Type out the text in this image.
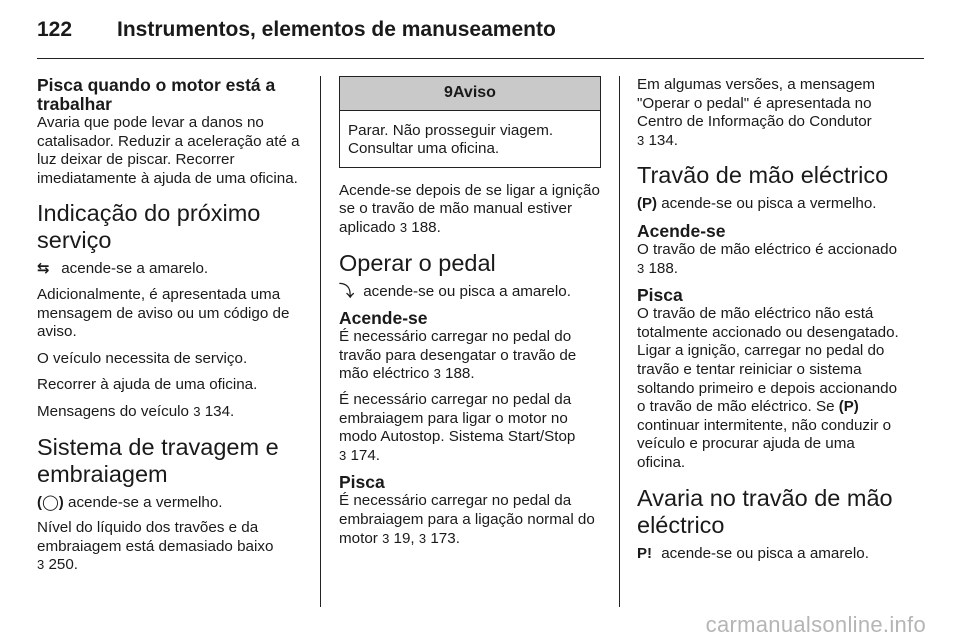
122 Instrumentos, elementos de manuseamento
Pisca quando o motor está a trabalhar

Avaria que pode levar a danos no catalisador. Reduzir a aceleração até a luz deixar de piscar. Recorrer imediatamente à ajuda de uma oficina.

Indicação do próximo serviço

⇆ acende-se a amarelo.

Adicionalmente, é apresentada uma mensagem de aviso ou um código de aviso.

O veículo necessita de serviço.

Recorrer à ajuda de uma oficina.

Mensagens do veículo 3 134.

Sistema de travagem e embraiagem

(◯) acende-se a vermelho.

Nível do líquido dos travões e da embraiagem está demasiado baixo
3 250.

9Aviso
Parar. Não prosseguir viagem. Consultar uma oficina.

Acende-se depois de se ligar a ignição se o travão de mão manual estiver aplicado 3 188.

Operar o pedal

⤵ acende-se ou pisca a amarelo.

Acende-se

É necessário carregar no pedal do travão para desengatar o travão de mão eléctrico 3 188.

É necessário carregar no pedal da embraiagem para ligar o motor no modo Autostop. Sistema Start/Stop
3 174.

Pisca

É necessário carregar no pedal da embraiagem para a ligação normal do motor 3 19, 3 173.

Em algumas versões, a mensagem "Operar o pedal" é apresentada no Centro de Informação do Condutor
3 134.

Travão de mão eléctrico

(P) acende-se ou pisca a vermelho.

Acende-se

O travão de mão eléctrico é accionado 3 188.

Pisca

O travão de mão eléctrico não está totalmente accionado ou desengatado. Ligar a ignição, carregar no pedal do travão e tentar reiniciar o sistema soltando primeiro e depois accionando o travão de mão eléctrico. Se (P) continuar intermitente, não conduzir o veículo e procurar ajuda de uma oficina.

Avaria no travão de mão eléctrico

P! acende-se ou pisca a amarelo.

carmanualsonline.info
